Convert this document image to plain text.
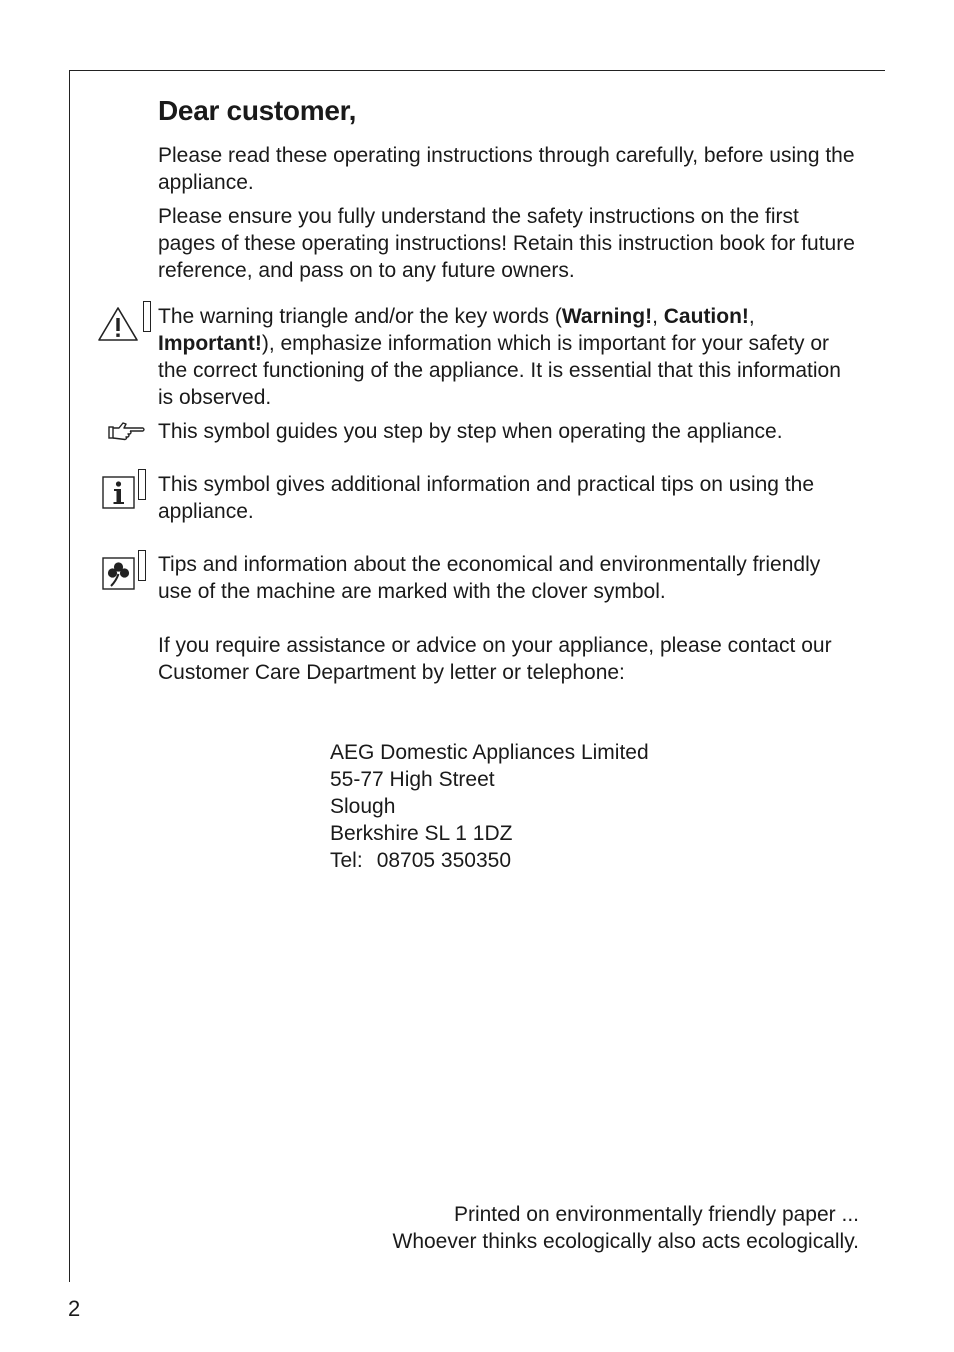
Dear customer,

Please read these operating instructions through carefully, before using the appliance.

Please ensure you fully understand the safety instructions on the first pages of these operating instructions! Retain this instruction book for future reference, and pass on to any future owners.

The warning triangle and/or the key words (Warning!, Caution!, Important!), emphasize information which is important for your safety or the correct functioning of the appliance. It is essential that this information is observed.

This symbol guides you step by step when operating the appliance.

This symbol gives additional information and practical tips on using the appliance.

Tips and information about the economical and environmentally friendly use of the machine are marked with the clover symbol.

If you require assistance or advice on your appliance, please contact our Customer Care Department by letter or telephone:

AEG Domestic Appliances Limited
55-77 High Street
Slough
Berkshire SL 1 1DZ
Tel: 08705 350350
Printed on environmentally friendly paper ...
Whoever thinks ecologically also acts ecologically.
2
